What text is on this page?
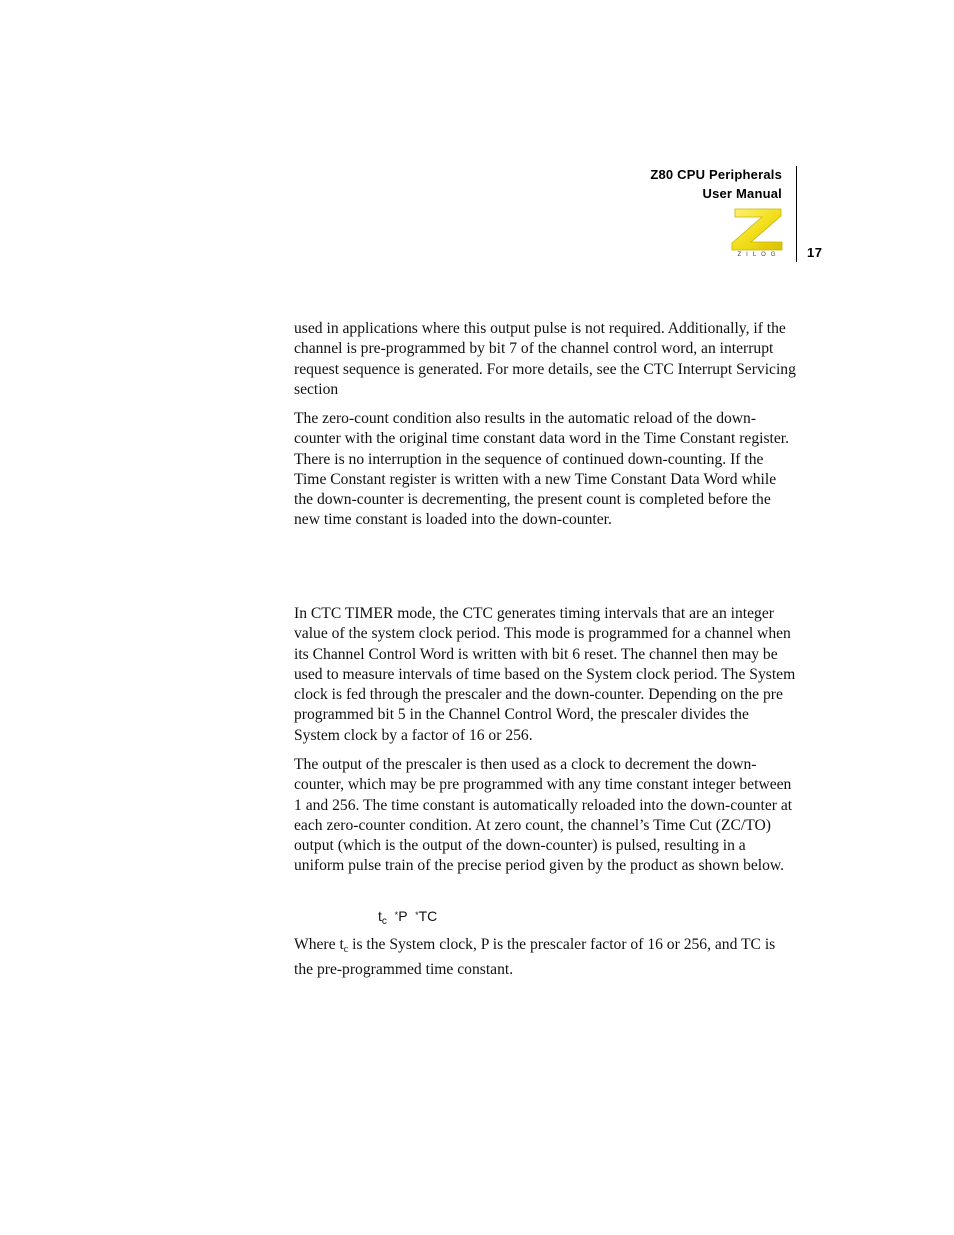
Z80 CPU Peripherals
User Manual
ZILOG	17

used in applications where this output pulse is not required. Additionally, if the channel is pre-programmed by bit 7 of the channel control word, an interrupt request sequence is generated. For more details, see the CTC Interrupt Servicing section

The zero-count condition also results in the automatic reload of the down-counter with the original time constant data word in the Time Constant register. There is no interruption in the sequence of continued down-counting. If the Time Constant register is written with a new Time Constant Data Word while the down-counter is decrementing, the present count is completed before the new time constant is loaded into the down-counter.

In CTC TIMER mode, the CTC generates timing intervals that are an integer value of the system clock period. This mode is programmed for a channel when its Channel Control Word is written with bit 6 reset. The channel then may be used to measure intervals of time based on the System clock period. The System clock is fed through the prescaler and the down-counter. Depending on the pre programmed bit 5 in the Channel Control Word, the prescaler divides the System clock by a factor of 16 or 256.

The output of the prescaler is then used as a clock to decrement the down-counter, which may be pre programmed with any time constant integer between 1 and 256. The time constant is automatically reloaded into the down-counter at each zero-counter condition. At zero count, the channel’s Time Cut (ZC/TO) output (which is the output of the down-counter) is pulsed, resulting in a uniform pulse train of the precise period given by the product as shown below.

$t_c$  *P *TC

Where $t_c$ is the System clock, P is the prescaler factor of 16 or 256, and TC is the pre-programmed time constant.
